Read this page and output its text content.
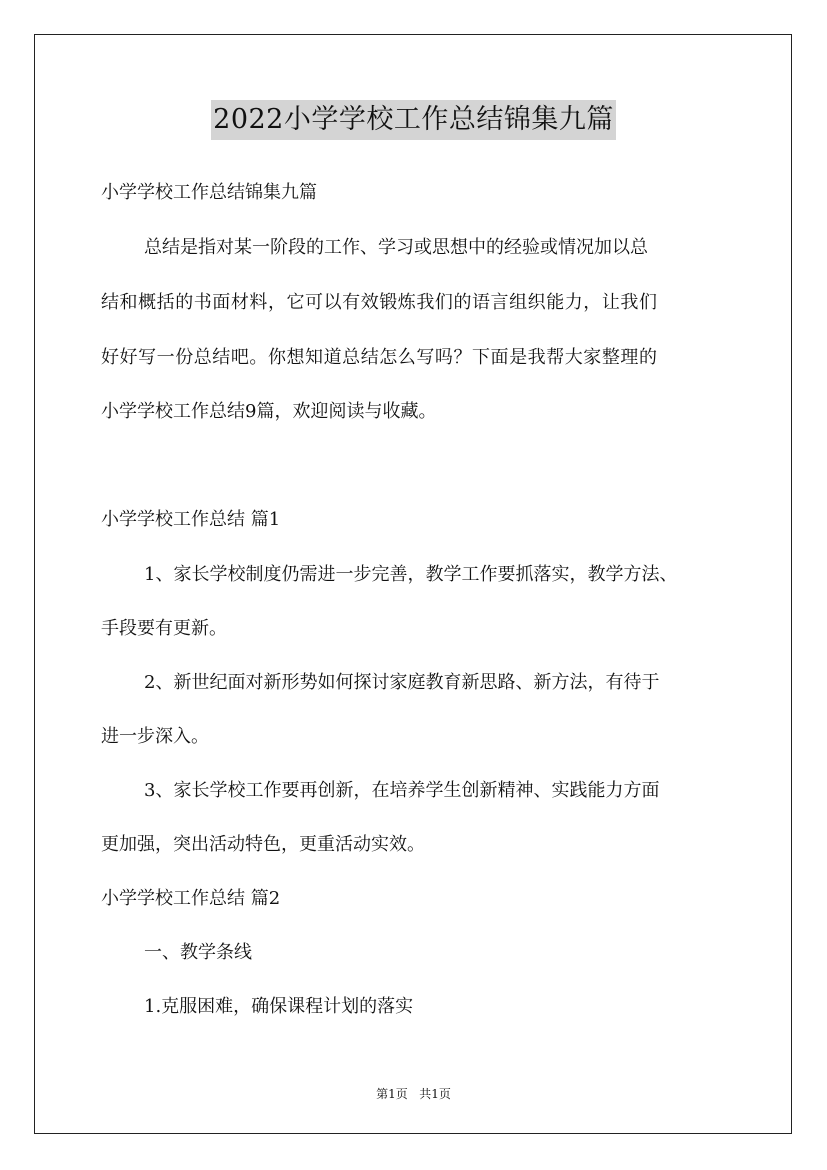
2022小学学校工作总结锦集九篇
小学学校工作总结锦集九篇
总结是指对某一阶段的工作、学习或思想中的经验或情况加以总
结和概括的书面材料，它可以有效锻炼我们的语言组织能力，让我们
好好写一份总结吧。你想知道总结怎么写吗？下面是我帮大家整理的
小学学校工作总结9篇，欢迎阅读与收藏。
小学学校工作总结 篇1
1、家长学校制度仍需进一步完善，教学工作要抓落实，教学方法、
手段要有更新。
2、新世纪面对新形势如何探讨家庭教育新思路、新方法，有待于
进一步深入。
3、家长学校工作要再创新，在培养学生创新精神、实践能力方面
更加强，突出活动特色，更重活动实效。
小学学校工作总结 篇2
一、教学条线
1.克服困难，确保课程计划的落实
第1页 共1页
